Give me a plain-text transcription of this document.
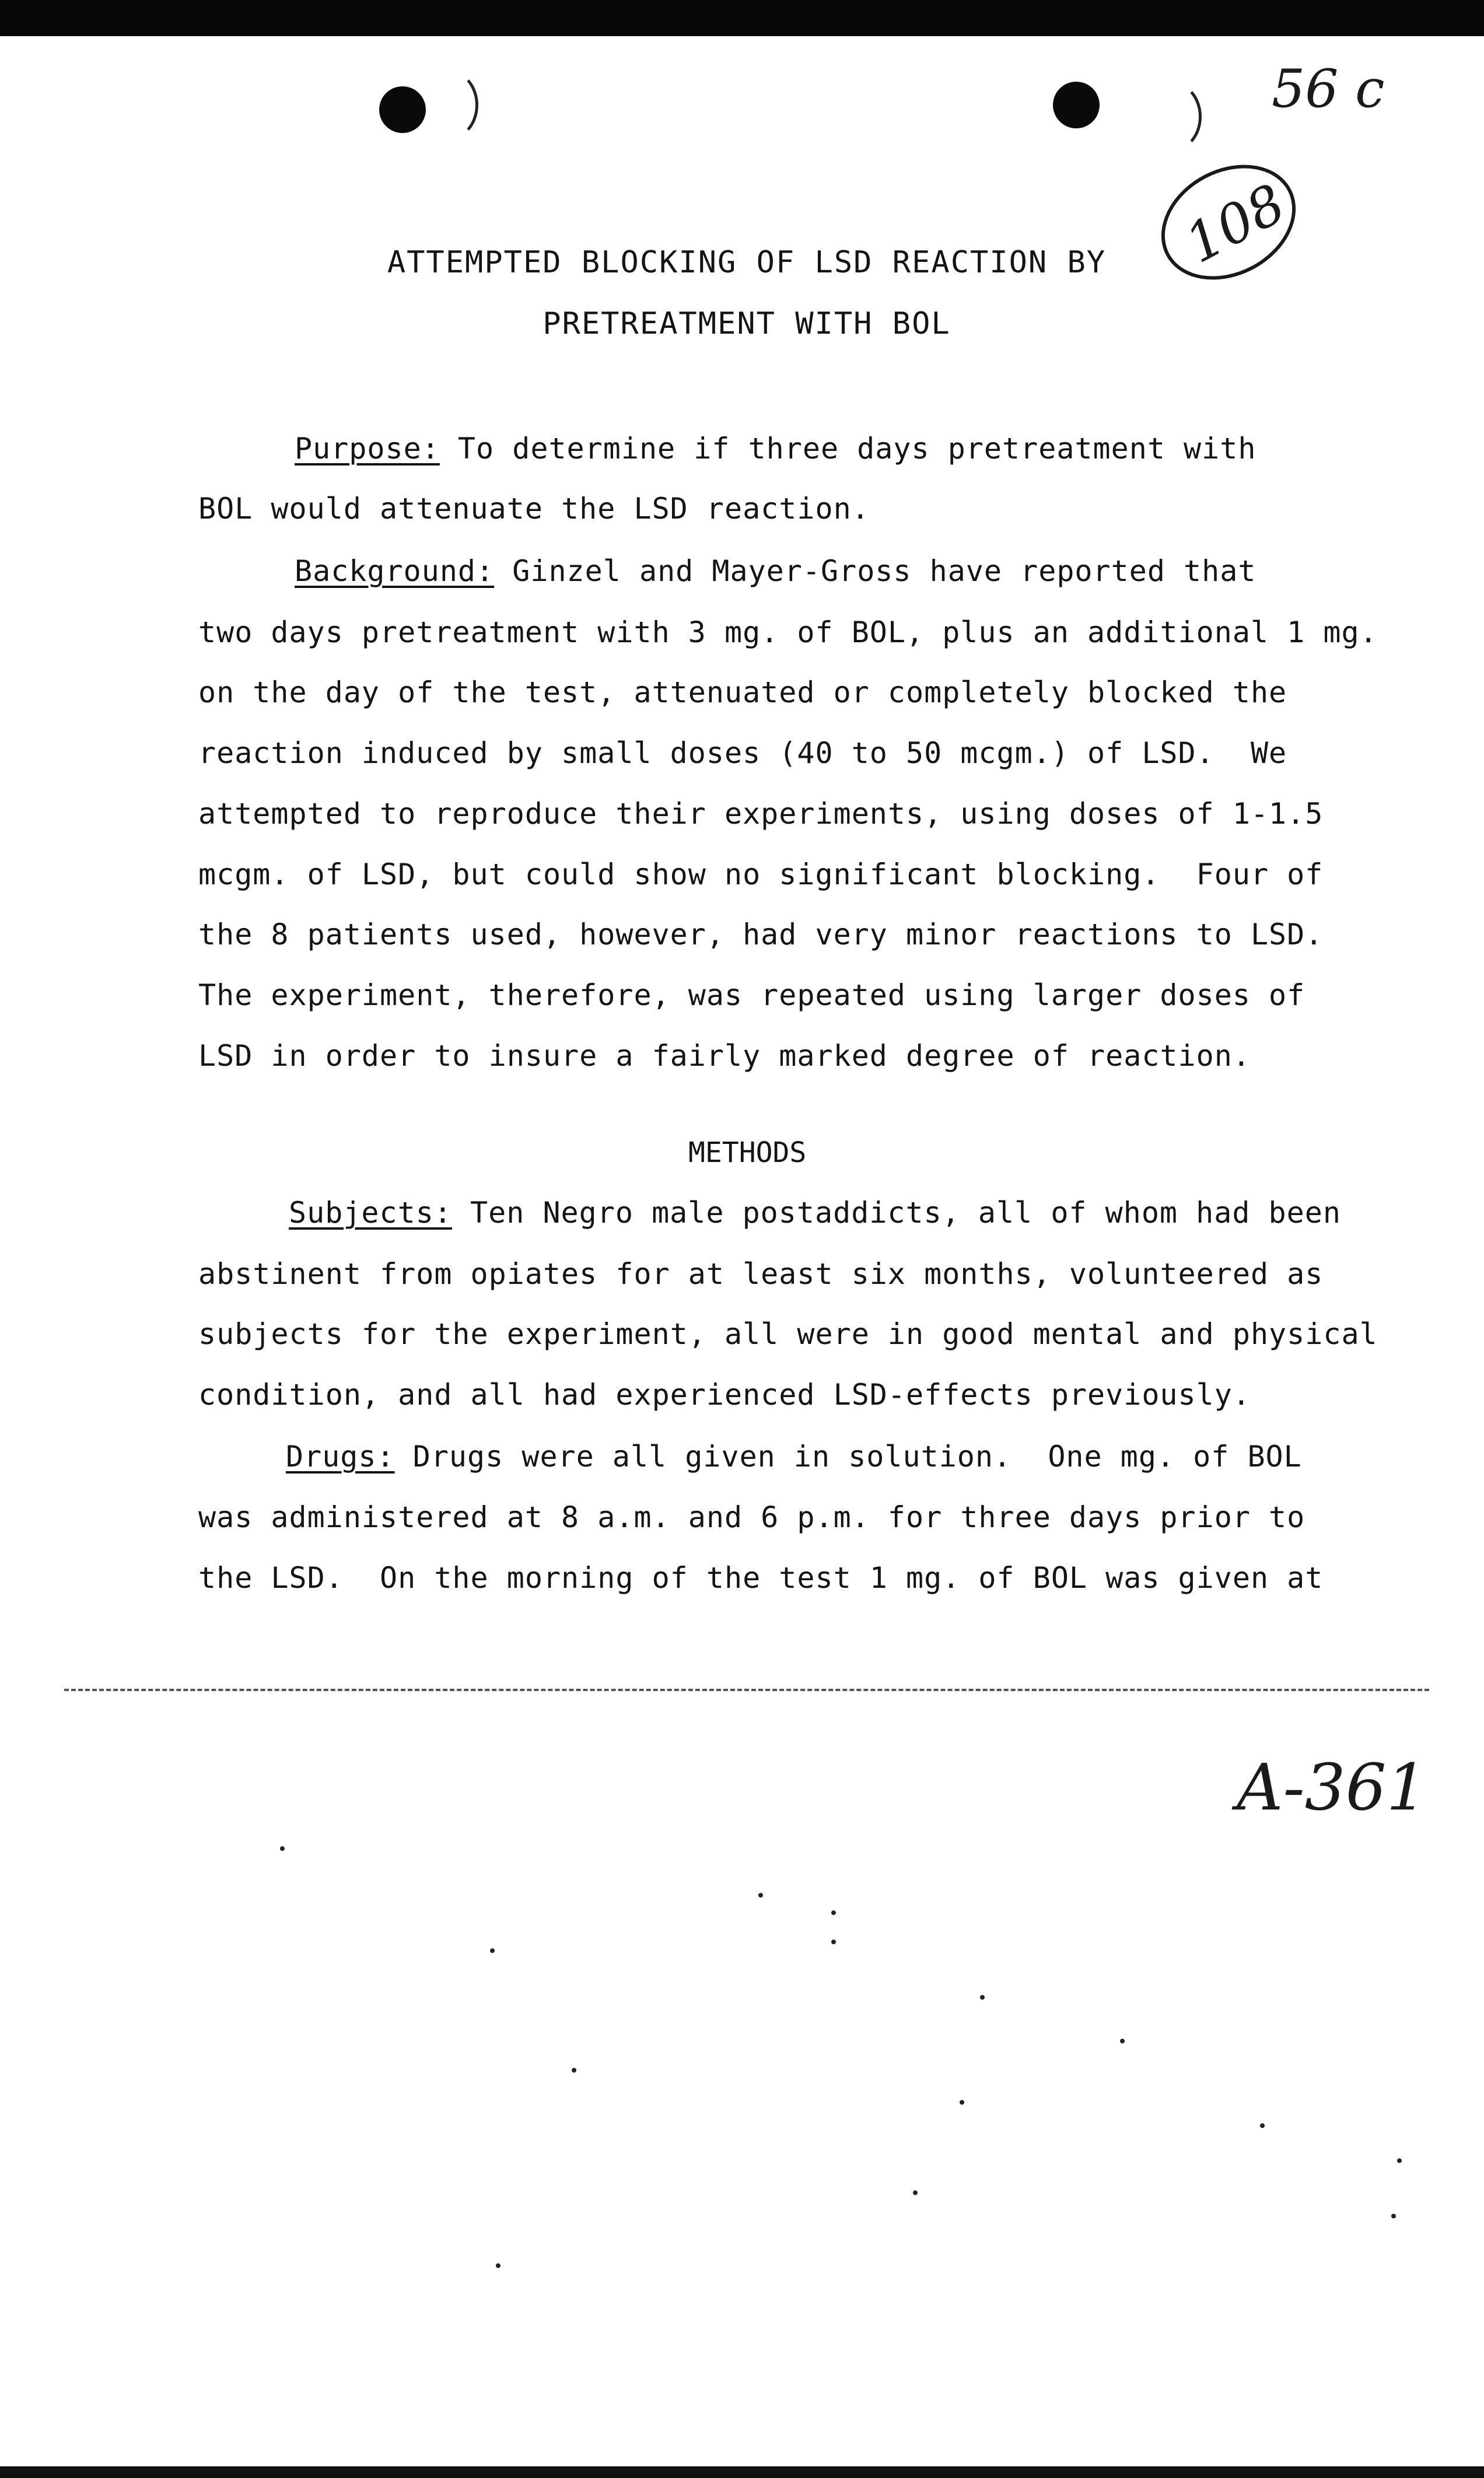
56 c
108
ATTEMPTED BLOCKING OF LSD REACTION BY
PRETREATMENT WITH BOL
Purpose: To determine if three days pretreatment with
BOL would attenuate the LSD reaction.
Background: Ginzel and Mayer-Gross have reported that
two days pretreatment with 3 mg. of BOL, plus an additional 1 mg.
on the day of the test, attenuated or completely blocked the
reaction induced by small doses (40 to 50 mcgm.) of LSD.  We
attempted to reproduce their experiments, using doses of 1-1.5
mcgm. of LSD, but could show no significant blocking.  Four of
the 8 patients used, however, had very minor reactions to LSD.
The experiment, therefore, was repeated using larger doses of
LSD in order to insure a fairly marked degree of reaction.
METHODS
Subjects: Ten Negro male postaddicts, all of whom had been
abstinent from opiates for at least six months, volunteered as
subjects for the experiment, all were in good mental and physical
condition, and all had experienced LSD-effects previously.
Drugs: Drugs were all given in solution.  One mg. of BOL
was administered at 8 a.m. and 6 p.m. for three days prior to
the LSD.  On the morning of the test 1 mg. of BOL was given at
A-361
